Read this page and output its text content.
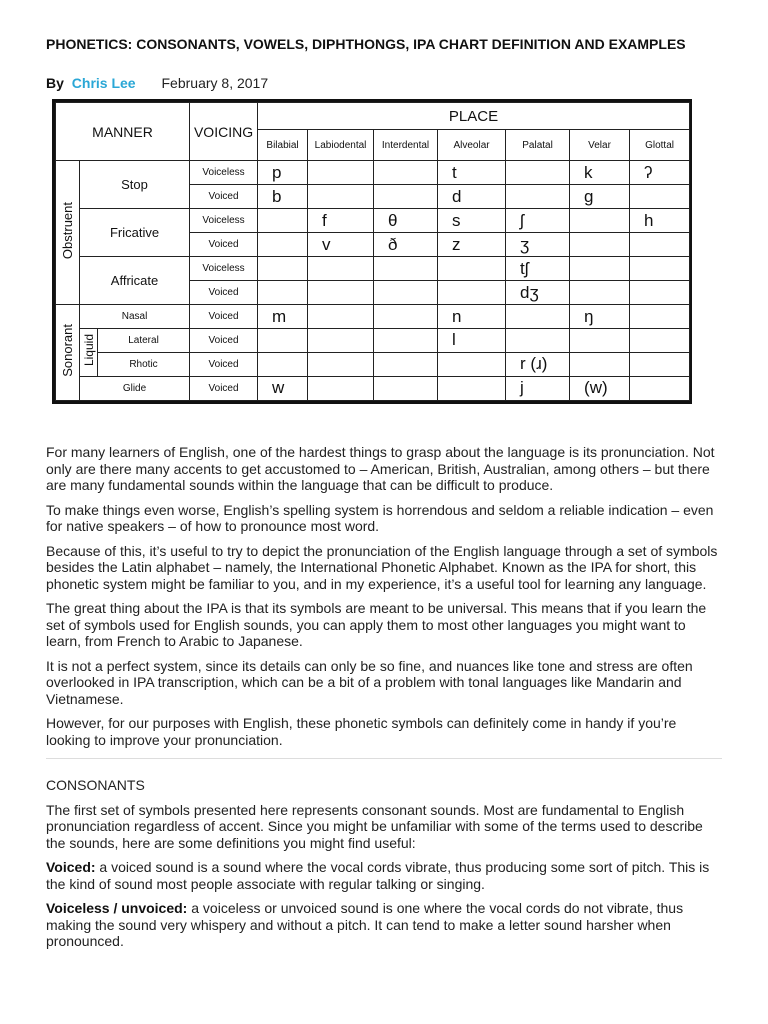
PHONETICS: CONSONANTS, VOWELS, DIPHTHONGS, IPA CHART DEFINITION AND EXAMPLES
By Chris Lee February 8, 2017
MANNER			VOICING	PLACE						
				Bilabial	Labiodental	Interdental	Alveolar	Palatal	Velar	Glottal
Obstruent	Stop		Voiceless	p			t		k	ʔ
			Voiced	b			d		g	
	Fricative		Voiceless		f	θ	s	ʃ		h
			Voiced		v	ð	z	ʒ		
	Affricate		Voiceless					tʃ		
			Voiced					dʒ		
Sonorant	Nasal		Voiced	m			n		ŋ	
	Liquid	Lateral	Voiced				l			
		Rhotic	Voiced					r (ɹ)		
	Glide		Voiced	w				j	(w)	

For many learners of English, one of the hardest things to grasp about the language is its pronunciation. Not only are there many accents to get accustomed to – American, British, Australian, among others – but there are many fundamental sounds within the language that can be difficult to produce.

To make things even worse, English’s spelling system is horrendous and seldom a reliable indication – even for native speakers – of how to pronounce most word.

Because of this, it’s useful to try to depict the pronunciation of the English language through a set of symbols besides the Latin alphabet – namely, the International Phonetic Alphabet. Known as the IPA for short, this phonetic system might be familiar to you, and in my experience, it’s a useful tool for learning any language.

The great thing about the IPA is that its symbols are meant to be universal. This means that if you learn the set of symbols used for English sounds, you can apply them to most other languages you might want to learn, from French to Arabic to Japanese.

It is not a perfect system, since its details can only be so fine, and nuances like tone and stress are often overlooked in IPA transcription, which can be a bit of a problem with tonal languages like Mandarin and Vietnamese.

However, for our purposes with English, these phonetic symbols can definitely come in handy if you’re looking to improve your pronunciation.

CONSONANTS

The first set of symbols presented here represents consonant sounds. Most are fundamental to English pronunciation regardless of accent. Since you might be unfamiliar with some of the terms used to describe the sounds, here are some definitions you might find useful:

Voiced: a voiced sound is a sound where the vocal cords vibrate, thus producing some sort of pitch. This is the kind of sound most people associate with regular talking or singing.

Voiceless / unvoiced: a voiceless or unvoiced sound is one where the vocal cords do not vibrate, thus making the sound very whispery and without a pitch. It can tend to make a letter sound harsher when pronounced.
